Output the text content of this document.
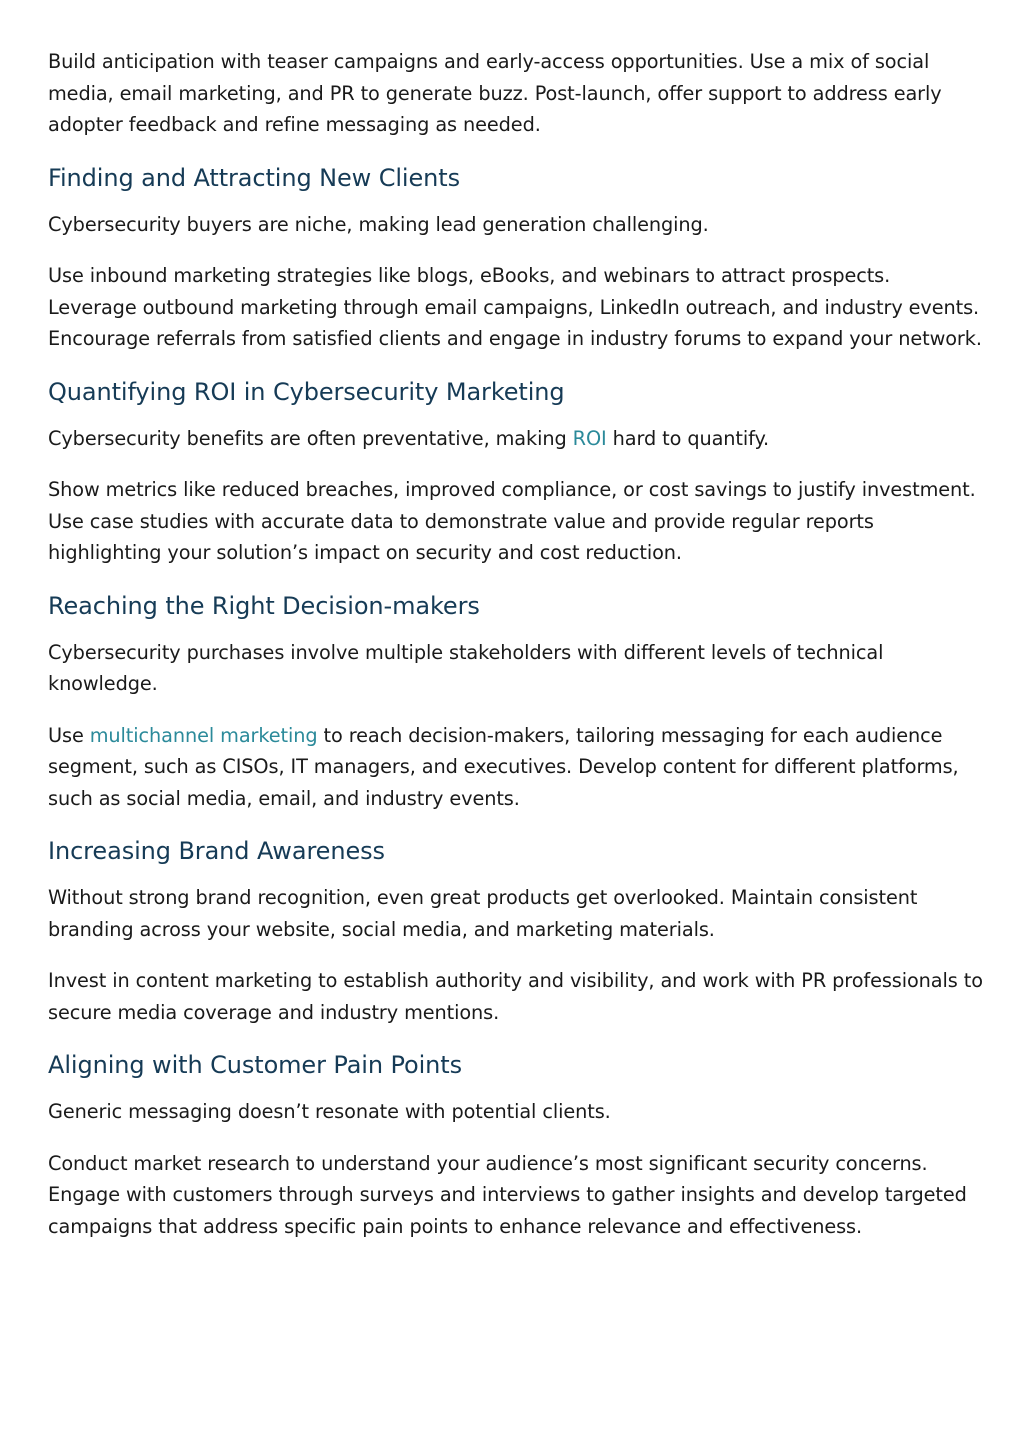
Build anticipation with teaser campaigns and early-access opportunities. Use a mix of social media, email marketing, and PR to generate buzz. Post-launch, offer support to address early adopter feedback and refine messaging as needed.

Finding and Attracting New Clients

Cybersecurity buyers are niche, making lead generation challenging.

Use inbound marketing strategies like blogs, eBooks, and webinars to attract prospects. Leverage outbound marketing through email campaigns, LinkedIn outreach, and industry events. Encourage referrals from satisfied clients and engage in industry forums to expand your network.

Quantifying ROI in Cybersecurity Marketing

Cybersecurity benefits are often preventative, making ROI hard to quantify.

Show metrics like reduced breaches, improved compliance, or cost savings to justify investment. Use case studies with accurate data to demonstrate value and provide regular reports highlighting your solution’s impact on security and cost reduction.

Reaching the Right Decision-makers

Cybersecurity purchases involve multiple stakeholders with different levels of technical knowledge.

Use multichannel marketing to reach decision-makers, tailoring messaging for each audience segment, such as CISOs, IT managers, and executives. Develop content for different platforms, such as social media, email, and industry events.

Increasing Brand Awareness

Without strong brand recognition, even great products get overlooked. Maintain consistent branding across your website, social media, and marketing materials.

Invest in content marketing to establish authority and visibility, and work with PR professionals to secure media coverage and industry mentions.

Aligning with Customer Pain Points

Generic messaging doesn’t resonate with potential clients.

Conduct market research to understand your audience’s most significant security concerns. Engage with customers through surveys and interviews to gather insights and develop targeted campaigns that address specific pain points to enhance relevance and effectiveness.
